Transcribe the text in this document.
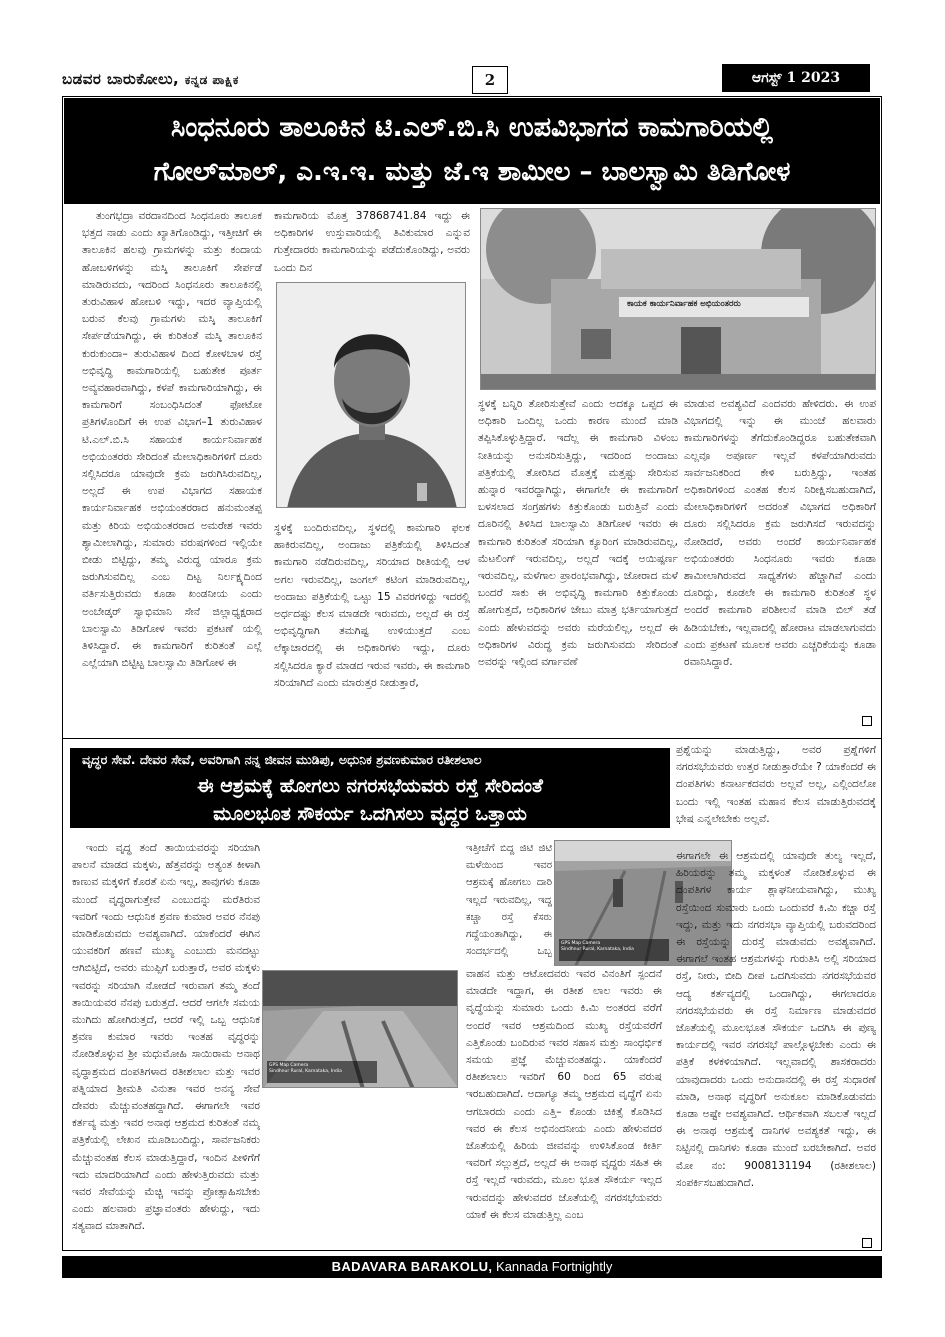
ಬಡವರ ಬಾರುಕೋಲು, ಕನ್ನಡ ಪಾಕ್ಷಿಕ	2	ಆಗಸ್ಟ್ 1 2023
ಸಿಂಧನೂರು ತಾಲೂಕಿನ ಟಿ.ಎಲ್.ಬಿ.ಸಿ ಉಪವಿಭಾಗದ ಕಾಮಗಾರಿಯಲ್ಲಿ
ಗೋಲ್‌ಮಾಲ್, ಎ.ಇ.ಇ. ಮತ್ತು ಜೆ.ಇ ಶಾಮೀಲ – ಬಾಲಸ್ವಾಮಿ ತಿಡಿಗೋಳ
ತುಂಗಭದ್ರಾ ವರದಾನದಿಂದ ಸಿಂಧನೂರು ತಾಲೂಕ ಭತ್ತದ ನಾಡು ಎಂದು ಖ್ಯಾತಿಗೊಂಡಿದ್ದು, ಇತ್ತೀಚಿಗೆ ಈ ತಾಲೂಕಿನ ಹಲವು ಗ್ರಾಮಗಳನ್ನು ಮತ್ತು ಕಂದಾಯ ಹೋಬಳಿಗಳನ್ನು ಮಸ್ಕಿ ತಾಲೂಕಿಗೆ ಸೇರ್ಪಡೆ ಮಾಡಿರುವದು, ಇದರಿಂದ ಸಿಂಧನೂರು ತಾಲೂಕಿನಲ್ಲಿ ತುರುವಿಹಾಳ ಹೋಬಳಿ ಇದ್ದು, ಇದರ ವ್ಯಾಪ್ತಿಯಲ್ಲಿ ಬರುವ ಕೆಲವು ಗ್ರಾಮಗಳು ಮಸ್ಕಿ ತಾಲೂಕಿಗೆ ಸೇರ್ಪಡೆಯಾಗಿದ್ದು, ಈ ಕುರಿತಂತೆ ಮಸ್ಕಿ ತಾಲೂಕಿನ ಕುರುಕುಂದಾ– ತುರುವಿಹಾಳ ದಿಂದ ಕೋಳಬಾಳ ರಸ್ತೆ ಅಭಿವೃದ್ಧಿ ಕಾಮಗಾರಿಯಲ್ಲಿ ಬಹುತೇಕ ಪೂರ್ತ ಅವ್ಯವಹಾರವಾಗಿದ್ದು, ಕಳಪೆ ಕಾಮಗಾರಿಯಾಗಿದ್ದು, ಈ ಕಾಮಗಾರಿಗೆ ಸಂಬಂಧಿಸಿದಂತೆ ಫೋಟೋ ಪ್ರತಿಗಳೊಂದಿಗೆ ಈ ಉಪ ವಿಭಾಗ–1 ತುರುವಿಹಾಳ ಟಿ.ಎಲ್.ಬಿ.ಸಿ ಸಹಾಯಕ ಕಾರ್ಯನಿರ್ವಾಹಕ ಅಭಿಯಂತರರು ಸೇರಿದಂತೆ ಮೇಲಾಧಿಕಾರಿಗಳಿಗೆ ದೂರು ಸಲ್ಲಿಸಿದರೂ ಯಾವುದೇ ಕ್ರಮ ಜರುಗಿಸಿರುವದಿಲ್ಲ, ಅಲ್ಲದೆ ಈ ಉಪ ವಿಭಾಗದ ಸಹಾಯಕ ಕಾರ್ಯನಿರ್ವಾಹಕ ಅಭಿಯಂತರರಾದ ಹನುಮಂತಪ್ಪ ಮತ್ತು ಕಿರಿಯ ಅಭಿಯಂತರರಾದ ಅಮರೇಶ ಇವರು ಶ್ಯಾಮೀಲಾಗಿದ್ದು, ಸುಮಾರು ವರುಷಗಳಿಂದ ಇಲ್ಲಿಯೇ ಬೀಡು ಬಿಟ್ಟಿದ್ದು, ತಮ್ಮ ವಿರುದ್ಧ ಯಾರೂ ಕ್ರಮ ಜರುಗಿಸುವದಿಲ್ಲ ಎಂಬ ದಿಟ್ಟ ನಿರ್ಲಕ್ಷ್ಯದಿಂದ ವರ್ತಿಸುತ್ತಿರುವದು ಕೂಡಾ ಖಂಡನೀಯ ಎಂದು ಅಂಬೇಡ್ಕರ್ ಸ್ವಾಭಿಮಾನಿ ಸೇನೆ ಜಿಲ್ಲಾಧ್ಯಕ್ಷರಾದ ಬಾಲಸ್ವಾಮಿ ತಿಡಿಗೋಳ ಇವರು ಪ್ರಕಟಣೆ ಯಲ್ಲಿ ತಿಳಿಸಿದ್ದಾರೆ. ಈ ಕಾಮಗಾರಿಗೆ ಕುರಿತಂತೆ ಎಲ್ಲೆ ಎಲ್ಲೆಯಾಗಿ ಬಿಟ್ಟಿಟ್ಟ ಬಾಲಸ್ವಾಮಿ ತಿಡಿಗೋಳ ಈ
ಕಾಮಗಾರಿಯ ಮೊತ್ತ 37868741.84 ಇದ್ದು ಈ ಅಧಿಕಾರಿಗಳ ಉಸ್ತುವಾರಿಯಲ್ಲಿ ತಿವಿಕುಮಾರ ಎನ್ನುವ ಗುತ್ತೇದಾರರು ಕಾಮಗಾರಿಯನ್ನು ಪಡೆದುಕೊಂಡಿದ್ದು, ಅವರು ಒಂದು ದಿನ
ಸ್ಥಳಕ್ಕೆ ಬಂದಿರುವದಿಲ್ಲ, ಸ್ಥಳದಲ್ಲಿ ಕಾಮಗಾರಿ ಫಲಕ ಹಾಕಿರುವದಿಲ್ಲ, ಅಂದಾಜು ಪತ್ರಿಕೆಯಲ್ಲಿ ತಿಳಿಸಿದಂತೆ ಕಾಮಗಾರಿ ನಡೆದಿರುವದಿಲ್ಲ, ಸರಿಯಾದ ರೀತಿಯಲ್ಲಿ ಆಳ ಅಗಲ ಇರುವದಿಲ್ಲ, ಜಂಗಲ್ ಕಟಿಂಗ ಮಾಡಿರುವದಿಲ್ಲ, ಅಂದಾಜು ಪತ್ರಿಕೆಯಲ್ಲಿ ಒಟ್ಟು 15 ವಿವರಗಳಿದ್ದು ಇದರಲ್ಲಿ ಅರ್ಧದಷ್ಟು ಕೆಲಸ ಮಾಡದೇ ಇರುವದು, ಅಲ್ಲದೆ ಈ ರಸ್ತೆ ಅಭಿವೃದ್ಧಿಗಾಗಿ ತಮಗಿಷ್ಟ ಉಳಿಯುತ್ತದೆ ಎಂಬ ಲೆಕ್ಕಾಚಾರದಲ್ಲಿ ಈ ಅಧಿಕಾರಿಗಳು ಇದ್ದು, ದೂರು ಸಲ್ಲಿಸಿದರೂ ಕ್ಯಾರೆ ಮಾಡದ ಇರುವ ಇವರು, ಈ ಕಾಮಗಾರಿ ಸರಿಯಾಗಿದೆ ಎಂದು ಮಾರುತ್ತರ ನೀಡುತ್ತಾರೆ,
ಕಾಯಕ ಕಾರ್ಯನಿರ್ವಾಹಕ ಅಭಿಯಂತರರು
ಸ್ಥಳಕ್ಕೆ ಬನ್ನಿರಿ ತೋರಿಸುತ್ತೇವೆ ಎಂದು ಅದಕ್ಕೂ ಒಪ್ಪದ ಈ ಅಧಿಕಾರಿ ಒಂದಿಲ್ಲ ಒಂದು ಕಾರಣ ಮುಂದೆ ಮಾಡಿ ತಪ್ಪಿಸಿಕೊಳ್ಳುತ್ತಿದ್ದಾರೆ. ಇದೆಲ್ಲ ಈ ಕಾಮಗಾರಿ ವಿಳಂಬ ನೀತಿಯನ್ನು ಅನುಸರಿಸುತ್ತಿದ್ದು, ಇದರಿಂದ ಅಂದಾಜು ಪತ್ರಿಕೆಯಲ್ಲಿ ತೋರಿಸಿದ ಮೊತ್ತಕ್ಕೆ ಮತ್ತಷ್ಟು ಸೇರಿಸುವ ಹುನ್ನಾರ ಇವರದ್ದಾಗಿದ್ದು, ಈಗಾಗಲೇ ಈ ಕಾಮಗಾರಿಗೆ ಬಳಸಲಾದ ಸಂಗ್ರಹಗಳು ಕಿತ್ತುಕೊಂಡು ಬರುತ್ತಿವೆ ಎಂದು ದೂರಿನಲ್ಲಿ ತಿಳಿಸಿದ ಬಾಲಸ್ವಾಮಿ ತಿಡಿಗೋಳ ಇವರು ಈ ಕಾಮಗಾರಿ ಕುರಿತಂತೆ ಸರಿಯಾಗಿ ಕ್ಯೂರಿಂಗ ಮಾಡಿರುವದಿಲ್ಲ, ಮೆಟಲಿಂಗ್ ಇರುವದಿಲ್ಲ, ಅಲ್ಲದೆ ಇದಕ್ಕೆ ಅಯಿಷ್ಪರ್ಣ ಇರುವದಿಲ್ಲ, ಮಳೆಗಾಲ ಪ್ರಾರಂಭವಾಗಿದ್ದು, ಜೋರಾದ ಮಳೆ ಬಂದರೆ ಸಾಕು ಈ ಅಭಿವೃದ್ಧಿ ಕಾಮಗಾರಿ ಕಿತ್ತುಕೊಂಡು ಹೋಗುತ್ತದೆ, ಅಧಿಕಾರಿಗಳ ಜೇಬು ಮಾತ್ರ ಭರ್ತಿಯಾಗುತ್ತದೆ ಎಂದು ಹೇಳುವದನ್ನು ಅವರು ಮರೆಯಲಿಲ್ಲ, ಅಲ್ಲದೆ ಈ ಅಧಿಕಾರಿಗಳ ವಿರುದ್ಧ ಕ್ರಮ ಜರುಗಿಸುವದು ಸೇರಿದಂತೆ ಅವರನ್ನು ಇಲ್ಲಿಂದ ವರ್ಗಾವಣೆ
ಮಾಡುವ ಅವಶ್ಯವಿದೆ ಎಂದವರು ಹೇಳಿದರು. ಈ ಉಪ ವಿಭಾಗದಲ್ಲಿ ಇನ್ನು ಈ ಮುಂಚೆ ಹಲವಾರು ಕಾಮಗಾರಿಗಳನ್ನು ತೆಗೆದುಕೊಂಡಿದ್ದರೂ ಬಹುತೇಕವಾಗಿ ಎಲ್ಲವೂ ಅಪೂರ್ಣ ಇಲ್ಲವೆ ಕಳಪೆಯಾಗಿರುವದು ಸಾರ್ವಜನಿಕರಿಂದ ಕೇಳಿ ಬರುತ್ತಿದ್ದು, ಇಂತಹ ಅಧಿಕಾರಿಗಳಿಂದ ಎಂತಹ ಕೆಲಸ ನಿರೀಕ್ಷಿಸಬಹುದಾಗಿದೆ, ಮೇಲಾಧಿಕಾರಿಗಳಿಗೆ ಅದರಂತೆ ವಿಭಾಗದ ಅಧಿಕಾರಿಗೆ ದೂರು ಸಲ್ಲಿಸಿದರೂ ಕ್ರಮ ಜರುಗಿಸದೆ ಇರುವದನ್ನು ನೋಡಿದರೆ, ಅವರು ಅಂದರೆ ಕಾರ್ಯನಿರ್ವಾಹಕ ಅಭಿಯಂತರರು ಸಿಂಧನೂರು ಇವರು ಕೂಡಾ ಶಾಮೀಲಾಗಿರುವದ ಸಾಧ್ಯತೆಗಳು ಹೆಚ್ಚಾಗಿವೆ ಎಂದು ದೂರಿದ್ದು, ಕೂಡಲೇ ಈ ಕಾಮಗಾರಿ ಕುರಿತಂತೆ ಸ್ಥಳ ಅಂದರೆ ಕಾಮಗಾರಿ ಪರಿಶೀಲನೆ ಮಾಡಿ ಬಿಲ್ ತಡೆ ಹಿಡಿಯಬೇಕು, ಇಲ್ಲವಾದಲ್ಲಿ ಹೋರಾಟ ಮಾಡಲಾಗುವದು ಎಂದು ಪ್ರಕಟಣೆ ಮೂಲಕ ಅವರು ಎಚ್ಚರಿಕೆಯನ್ನು ಕೂಡಾ ರವಾನಿಸಿದ್ದಾರೆ.
ವೃದ್ಧರ ಸೇವೆ. ದೇವರ ಸೇವೆ, ಅವರಿಗಾಗಿ ನನ್ನ ಜೀವನ ಮುಡಿಪು, ಅಧುನಿಕ ಶ್ರವಣಕುಮಾರ ರತೀಶಲಾಲ
ಈ ಆಶ್ರಮಕ್ಕೆ ಹೋಗಲು ನಗರಸಭೆಯವರು ರಸ್ತೆ ಸೇರಿದಂತೆ
ಮೂಲಭೂತ ಸೌಕರ್ಯ ಒದಗಿಸಲು ವೃದ್ಧರ ಒತ್ತಾಯ
ಪ್ರಶ್ನೆಯನ್ನು ಮಾಡುತ್ತಿದ್ದು, ಅವರ ಪ್ರಶ್ನೆಗಳಿಗೆ ನಗರಸಭೆಯವರು ಉತ್ತರ ನೀಡುತ್ತಾರೆಯೇ ? ಯಾಕೆಂದರೆ ಈ ದಂಪತಿಗಳು ಕನಾರ್ಟಕದವರು ಅಲ್ಲವೆ ಅಲ್ಲ, ಎಲ್ಲಿಂದಲೋ ಬಂದು ಇಲ್ಲಿ ಇಂತಹ ಮಹಾನ ಕೆಲಸ ಮಾಡುತ್ತಿರುವದಕ್ಕೆ ಭೇಷ ಎನ್ನಲೇಬೇಕು ಅಲ್ಲವೆ.
ಇಂದು ವೃದ್ಧ ತಂದೆ ತಾಯಿಯವರನ್ನು ಸರಿಯಾಗಿ ಪಾಲನೆ ಮಾಡದ ಮಕ್ಕಳು, ಹೆತ್ತವರನ್ನು ಅತ್ಯಂತ ಕೀಳಾಗಿ ಕಾಣುವ ಮಕ್ಕಳಿಗೆ ಕೊರತೆ ಏನು ಇಲ್ಲ, ತಾವುಗಳು ಕೂಡಾ ಮುಂದೆ ವೃದ್ಧರಾಗುತ್ತೇವೆ ಎಂಬುದನ್ನು ಮರೆತಿರುವ ಇವರಿಗೆ ಇಂದು ಆಧುನಿಕ ಶ್ರವಣ ಕುಮಾರ ಅವರ ನೆನಪು ಮಾಡಿಕೊಡುವದು ಅವಶ್ಯವಾಗಿದೆ. ಯಾಕೆಂದರೆ ಈಗಿನ ಯುವಕರಿಗೆ ಹಣವೆ ಮುಖ್ಯ ಎಂಬುದು ಮನದಟ್ಟು ಆಗಿಬಿಟ್ಟಿದೆ, ಅವರು ಮುಪ್ಪಿಗೆ ಬರುತ್ತಾರೆ, ಅವರ ಮಕ್ಕಳು ಇವರನ್ನು ಸರಿಯಾಗಿ ನೋಡದೆ ಇರುವಾಗ ತಮ್ಮ ತಂದೆ ತಾಯಿಯವರ ನೆನಪು ಬರುತ್ತದೆ. ಆದರೆ ಆಗಲೇ ಸಮಯ ಮುಗಿದು ಹೋಗಿರುತ್ತದೆ, ಆದರೆ ಇಲ್ಲಿ ಒಬ್ಬ ಆಧುನಿಕ ಶ್ರವಣ ಕುಮಾರ ಇವರು ಇಂತಹ ವೃದ್ಧರನ್ನು ನೋಡಿಕೊಳ್ಳುವ ಶ್ರೀ ಮಧುಮೋಹಿ ಸಾಯಿರಾಮ ಅನಾಥ ವೃದ್ಧಾಶ್ರಮದ ದಂಪತಿಗಳಾದ ರತೀಶಲಾಲ ಮತ್ತು ಇವರ ಪತ್ನಿಯಾದ ಶ್ರೀಮತಿ ವಿನುತಾ ಇವರ ಅನನ್ಯ ಸೇವೆ ದೇವರು ಮೆಚ್ಚುವಂತಹದ್ದಾಗಿದೆ. ಈಗಾಗಲೇ ಇವರ ಕರ್ತವ್ಯ ಮತ್ತು ಇವರ ಅನಾಥ ಆಶ್ರಮದ ಕುರಿತಂತೆ ನಮ್ಮ ಪತ್ರಿಕೆಯಲ್ಲಿ ಲೇಖನ ಮೂಡಿಬಂದಿದ್ದು, ಸಾರ್ವಜನಿಕರು ಮೆಚ್ಚುವಂತಹ ಕೆಲಸ ಮಾಡುತ್ತಿದ್ದಾರೆ, ಇಂದಿನ ಪೀಳಿಗೆಗೆ ಇದು ಮಾದರಿಯಾಗಿದೆ ಎಂದು ಹೇಳುತ್ತಿರುವದು ಮತ್ತು ಇವರ ಸೇವೆಯನ್ನು ಮೆಚ್ಚಿ ಇವನ್ನು ಪ್ರೋತ್ಸಾಹಿಸಬೇಕು ಎಂದು ಹಲವಾರು ಪ್ರಜ್ಞಾವಂತರು ಹೇಳುದ್ದು, ಇದು ಸತ್ಯವಾದ ಮಾತಾಗಿದೆ.
GPS Map Camera
Sindhnur Rural, Karnataka, India
ಇತ್ತೀಚೆಗೆ ಬಿದ್ದ ಜಿಟಿ ಜಿಟಿ ಮಳೆಯಿಂದ ಇವರ ಆಶ್ರಮಕ್ಕೆ ಹೋಗಲು ದಾರಿ ಇಲ್ಲದೆ ಇರುವದಿಲ್ಲ, ಇದ್ದ ಕಚ್ಚಾ ರಸ್ತೆ ಕೆಸರು ಗದ್ದೆಯಂತಾಗಿದ್ದು, ಈ ಸಂದರ್ಭದಲ್ಲಿ ಒಬ್ಬ
GPS Map Camera
Sindhnur Rural, Karnataka, India
ವಾಹನ ಮತ್ತು ಆಟೋದವರು ಇವರ ವಿನಂತಿಗೆ ಸ್ಪಂದನೆ ಮಾಡದೇ ಇದ್ದಾಗ, ಈ ರತೀಶ ಲಾಲ ಇವರು ಈ ವೃದ್ಧೆಯನ್ನು ಸುಮಾರು ಒಂದು ಕಿ.ಮಿ ಅಂತರದ ವರೆಗೆ ಅಂದರೆ ಇವರ ಆಶ್ರಮದಿಂದ ಮುಖ್ಯ ರಸ್ತೆಯವರೆಗೆ ಎತ್ತಿಕೊಂಡು ಬಂದಿರುವ ಇವರ ಸಹಾಸ ಮತ್ತು ಸಾಂಧರ್ಭಿಕ ಸಮಯ ಪ್ರಜ್ಞೆ ಮೆಚ್ಚುವಂತಹದ್ದು. ಯಾಕೆಂದರೆ ರತೀಶಲಾಲು ಇವರಿಗೆ 60 ರಿಂದ 65 ವರುಷ ಇರಬಹುದಾಗಿದೆ. ಅದಾಗ್ಯೂ ತಮ್ಮ ಆಶ್ರಮದ ವೃದ್ಧೆಗೆ ಏನು ಆಗಬಾರದು ಎಂದು ಎತ್ತಿ– ಕೊಂಡು ಚಿಕಿತ್ಸೆ ಕೊಡಿಸಿದ ಇವರ ಈ ಕೆಲಸ ಅಭಿನಂದನೀಯ ಎಂದು ಹೇಳುವದರ ಜೊತೆಯಲ್ಲಿ ಹಿರಿಯ ಜೀವವನ್ನು ಉಳಿಸಿಕೊಂಡ ಕೀರ್ತಿ ಇವರಿಗೆ ಸಲ್ಲುತ್ತದೆ, ಅಲ್ಲದೆ ಈ ಅನಾಥ ವೃದ್ಧರು ಸಹಿತ ಈ ರಸ್ತೆ ಇಲ್ಲದೆ ಇರುವದು, ಮೂಲ ಭೂತ ಸೌಕರ್ಯ ಇಲ್ಲದ ಇರುವದನ್ನು ಹೇಳುವದರ ಜೊತೆಯಲ್ಲಿ ನಗರಸಭೆಯವರು ಯಾಕೆ ಈ ಕೆಲಸ ಮಾಡುತ್ತಿಲ್ಲ ಎಂಬ
ಈಗಾಗಲೇ ಈ ಆಶ್ರಮದಲ್ಲಿ ಯಾವುದೇ ತುಲ್ಯ ಇಲ್ಲದೆ, ಹಿರಿಯರನ್ನು ತಮ್ಮ ಮಕ್ಕಳಂತೆ ನೋಡಿಕೊಳ್ಳುವ ಈ ದಂಪತಿಗಳ ಕಾರ್ಯ ಶ್ಲಾಘನೀಯವಾಗಿದ್ದು, ಮುಖ್ಯ ರಸ್ತೆಯಿಂದ ಸುಮಾರು ಒಂದು ಒಂದುವರೆ ಕಿ.ಮಿ ಕಚ್ಚಾ ರಸ್ತೆ ಇದ್ದು, ಮತ್ತು ಇದು ನಗರಸಭಾ ವ್ಯಾಪ್ತಿಯಲ್ಲಿ ಬರುವದರಿಂದ ಈ ರಸ್ತೆಯನ್ನು ದುರಸ್ತೆ ಮಾಡುವದು ಅವಶ್ಯವಾಗಿದೆ. ಈಗಾಗಲೆ ಇಂತಹ ಆಶ್ರಮಗಳನ್ನು ಗುರುತಿಸಿ ಅಲ್ಲಿ ಸರಿಯಾದ ರಸ್ತೆ, ನೀರು, ಬೀದಿ ದೀಪ ಒದಗಿಸುವದು ನಗರಸಭೆಯವರ ಆದ್ಯ ಕರ್ತವ್ಯದಲ್ಲಿ ಒಂದಾಗಿದ್ದು, ಈಗಲಾದರೂ ನಗರಸಭೆಯವರು ಈ ರಸ್ತೆ ನಿರ್ಮಾಣ ಮಾಡುವದರ ಜೊತೆಯಲ್ಲಿ ಮೂಲಭೂತ ಸೌಕರ್ಯ ಒದಗಿಸಿ ಈ ಪುಣ್ಯ ಕಾರ್ಯದಲ್ಲಿ ಇವರ ನಗರಸಭೆ ಪಾಲ್ಗೊಳ್ಳಬೇಕು ಎಂದು ಈ ಪತ್ರಿಕೆ ಕಳಕಳಿಯಾಗಿದೆ. ಇಲ್ಲವಾದಲ್ಲಿ ಶಾಸಕರಾದರು ಯಾವುದಾದರು ಒಂದು ಅನುದಾನದಲ್ಲಿ ಈ ರಸ್ತೆ ಸುಧಾರಣೆ ಮಾಡಿ, ಅನಾಥ ವೃದ್ಧರಿಗೆ ಅನುಕೂಲ ಮಾಡಿಕೊಡುವದು ಕೂಡಾ ಅಷ್ಟೇ ಅವಶ್ಯವಾಗಿದೆ. ಆರ್ಥಿಕವಾಗಿ ಸಬಲತೆ ಇಲ್ಲದೆ ಈ ಅನಾಥ ಆಶ್ರಮಕ್ಕೆ ದಾನಿಗಳ ಅವಶ್ಯಕತೆ ಇದ್ದು, ಈ ನಿಟ್ಟಿನಲ್ಲಿ ದಾನಿಗಳು ಕೂಡಾ ಮುಂದೆ ಬರಬೇಕಾಗಿದೆ. ಅವರ ಮೋ ನಂ: 9008131194 (ರತೀಶಲಾಲ) ಸಂಪರ್ಕಿಸಬಹುದಾಗಿದೆ.
BADAVARA BARAKOLU, Kannada Fortnightly
